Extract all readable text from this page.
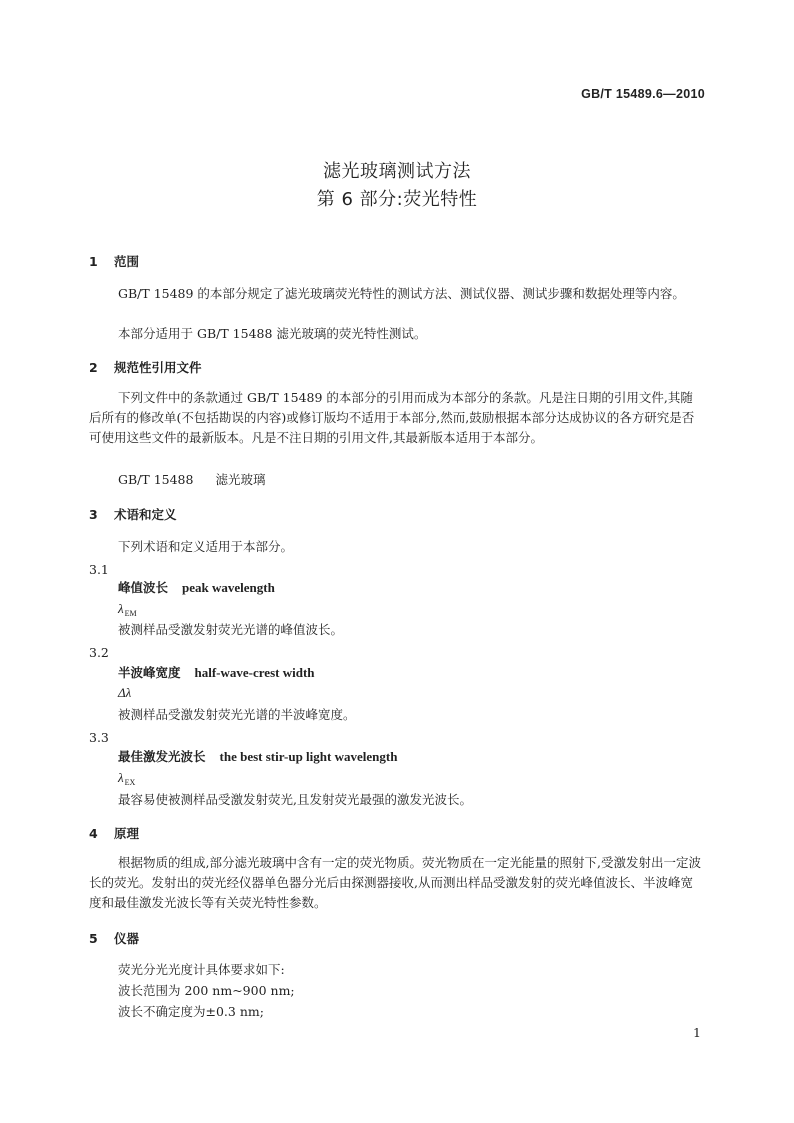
GB/T 15489.6—2010
滤光玻璃测试方法
第 6 部分:荧光特性
1 范围
GB/T 15489 的本部分规定了滤光玻璃荧光特性的测试方法、测试仪器、测试步骤和数据处理等内容。
本部分适用于 GB/T 15488 滤光玻璃的荧光特性测试。
2 规范性引用文件
下列文件中的条款通过 GB/T 15489 的本部分的引用而成为本部分的条款。凡是注日期的引用文件,其随后所有的修改单(不包括勘误的内容)或修订版均不适用于本部分,然而,鼓励根据本部分达成协议的各方研究是否可使用这些文件的最新版本。凡是不注日期的引用文件,其最新版本适用于本部分。
GB/T 15488 滤光玻璃
3 术语和定义
下列术语和定义适用于本部分。
3.1
峰值波长 peak wavelength
$\lambda_{EM}$
被测样品受激发射荧光光谱的峰值波长。
3.2
半波峰宽度 half-wave-crest width
Δλ
被测样品受激发射荧光光谱的半波峰宽度。
3.3
最佳激发光波长 the best stir-up light wavelength
$\lambda_{EX}$
最容易使被测样品受激发射荧光,且发射荧光最强的激发光波长。
4 原理
根据物质的组成,部分滤光玻璃中含有一定的荧光物质。荧光物质在一定光能量的照射下,受激发射出一定波长的荧光。发射出的荧光经仪器单色器分光后由探测器接收,从而测出样品受激发射的荧光峰值波长、半波峰宽度和最佳激发光波长等有关荧光特性参数。
5 仪器
荧光分光光度计具体要求如下:
波长范围为 200 nm~900 nm;
波长不确定度为±0.3 nm;
1
